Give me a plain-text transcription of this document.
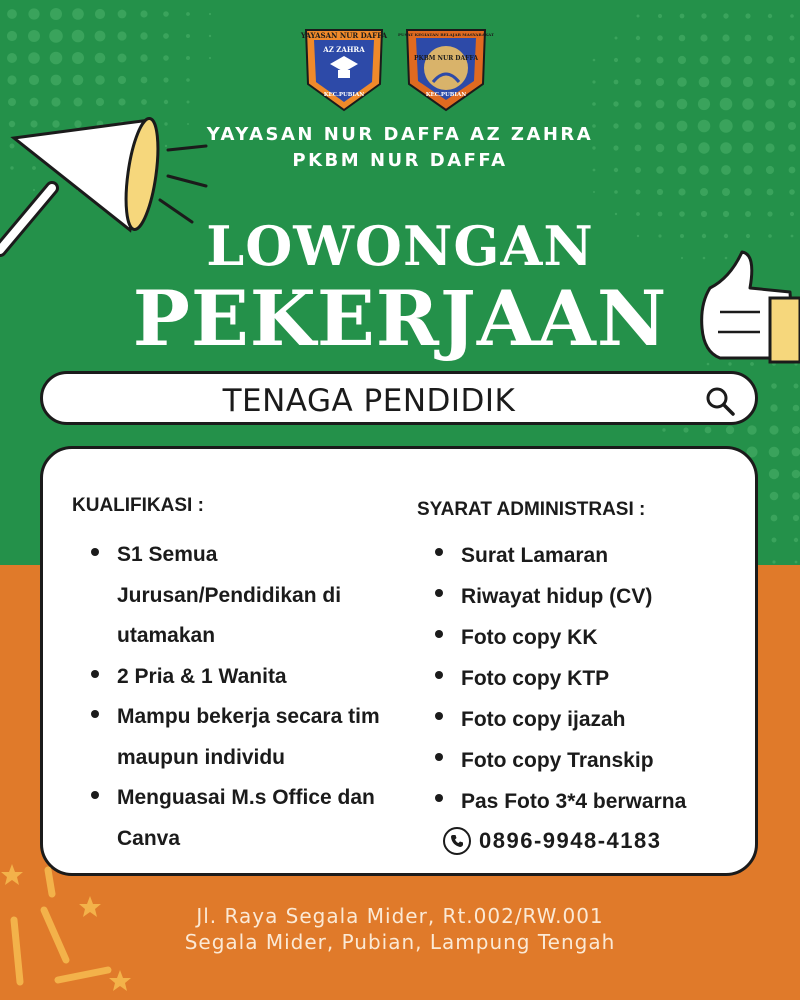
YAYASAN NUR DAFFA
AZ ZAHRA
KEC.PUBIAN
PUSAT KEGIATAN BELAJAR MASYARAKAT
PKBM NUR DAFFA
KEC.PUBIAN
YAYASAN NUR DAFFA AZ ZAHRA
PKBM NUR DAFFA
LOWONGAN
PEKERJAAN
TENAGA PENDIDIK
KUALIFIKASI :
S1 Semua Jurusan/Pendidikan di utamakan
2 Pria & 1 Wanita
Mampu bekerja secara tim maupun individu
Menguasai M.s Office dan Canva
SYARAT ADMINISTRASI :
Surat Lamaran
Riwayat hidup (CV)
Foto copy KK
Foto copy KTP
Foto copy ijazah
Foto copy Transkip
Pas Foto 3*4 berwarna
0896-9948-4183
Jl. Raya Segala Mider, Rt.002/RW.001
Segala Mider, Pubian, Lampung Tengah
